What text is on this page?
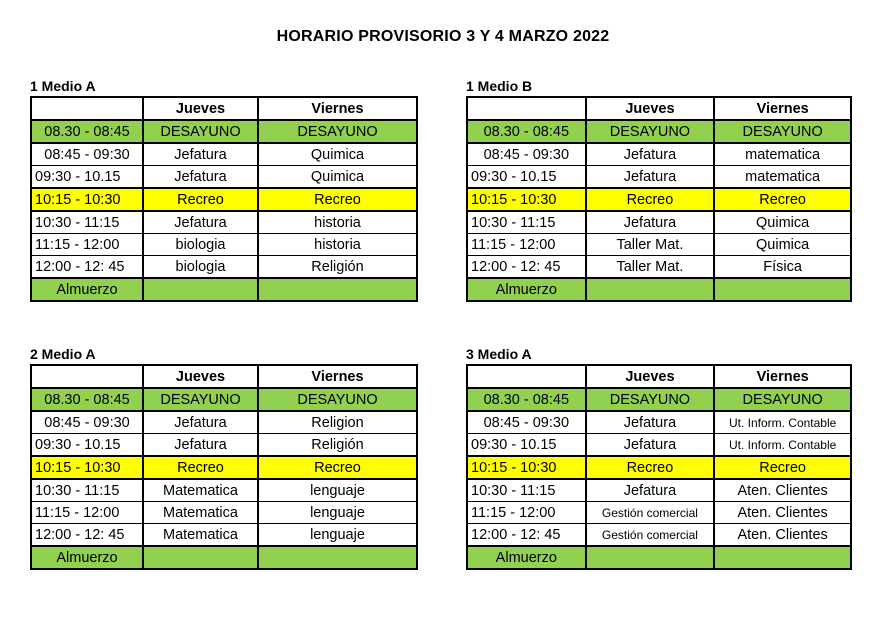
HORARIO PROVISORIO 3 Y 4 MARZO 2022
1 Medio A
	Jueves	Viernes
08.30 - 08:45	DESAYUNO	DESAYUNO
08:45 - 09:30	Jefatura	Quimica
09:30 - 10.15	Jefatura	Quimica
10:15 - 10:30	Recreo	Recreo
10:30 - 11:15	Jefatura	historia
11:15 - 12:00	biologia	historia
12:00 - 12: 45	biologia	Religión
Almuerzo		
1 Medio B
	Jueves	Viernes
08.30 - 08:45	DESAYUNO	DESAYUNO
08:45 - 09:30	Jefatura	matematica
09:30 - 10.15	Jefatura	matematica
10:15 - 10:30	Recreo	Recreo
10:30 - 11:15	Jefatura	Quimica
11:15 - 12:00	Taller Mat.	Quimica
12:00 - 12: 45	Taller Mat.	Física
Almuerzo		
2 Medio A
	Jueves	Viernes
08.30 - 08:45	DESAYUNO	DESAYUNO
08:45 - 09:30	Jefatura	Religion
09:30 - 10.15	Jefatura	Religión
10:15 - 10:30	Recreo	Recreo
10:30 - 11:15	Matematica	lenguaje
11:15 - 12:00	Matematica	lenguaje
12:00 - 12: 45	Matematica	lenguaje
Almuerzo		
3 Medio A
	Jueves	Viernes
08.30 - 08:45	DESAYUNO	DESAYUNO
08:45 - 09:30	Jefatura	Ut. Inform. Contable
09:30 - 10.15	Jefatura	Ut. Inform. Contable
10:15 - 10:30	Recreo	Recreo
10:30 - 11:15	Jefatura	Aten. Clientes
11:15 - 12:00	Gestión comercial	Aten. Clientes
12:00 - 12: 45	Gestión comercial	Aten. Clientes
Almuerzo		
